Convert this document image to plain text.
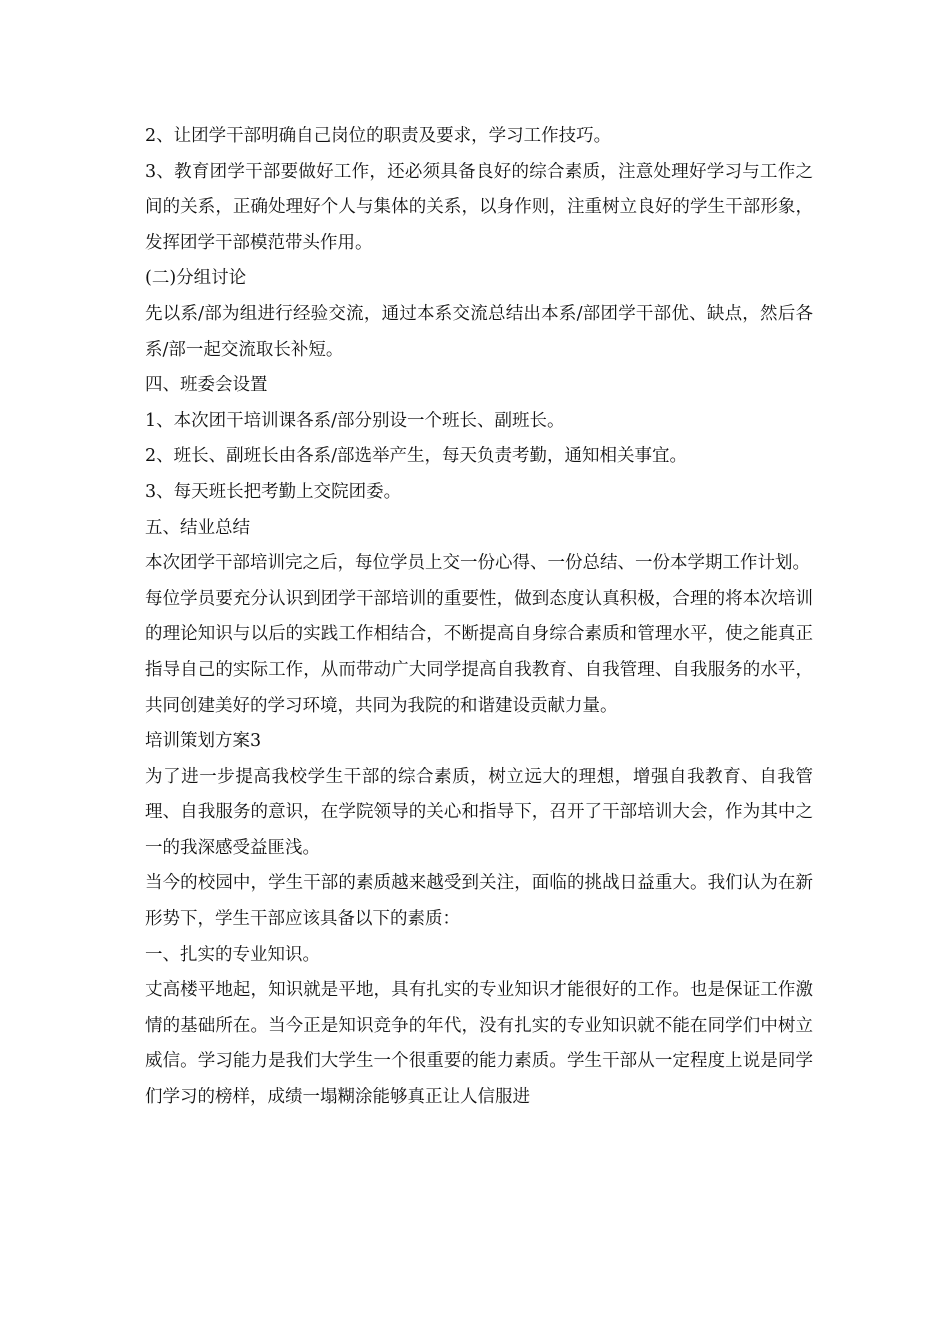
2、让团学干部明确自己岗位的职责及要求，学习工作技巧。

3、教育团学干部要做好工作，还必须具备良好的综合素质，注意处理好学习与工作之间的关系，正确处理好个人与集体的关系，以身作则，注重树立良好的学生干部形象，发挥团学干部模范带头作用。

(二)分组讨论

先以系/部为组进行经验交流，通过本系交流总结出本系/部团学干部优、缺点，然后各系/部一起交流取长补短。

四、班委会设置

1、本次团干培训课各系/部分别设一个班长、副班长。

2、班长、副班长由各系/部选举产生，每天负责考勤，通知相关事宜。

3、每天班长把考勤上交院团委。

五、结业总结

本次团学干部培训完之后，每位学员上交一份心得、一份总结、一份本学期工作计划。

每位学员要充分认识到团学干部培训的重要性，做到态度认真积极，合理的将本次培训的理论知识与以后的实践工作相结合，不断提高自身综合素质和管理水平，使之能真正指导自己的实际工作，从而带动广大同学提高自我教育、自我管理、自我服务的水平，共同创建美好的学习环境，共同为我院的和谐建设贡献力量。

培训策划方案3

为了进一步提高我校学生干部的综合素质，树立远大的理想，增强自我教育、自我管理、自我服务的意识，在学院领导的关心和指导下，召开了干部培训大会，作为其中之一的我深感受益匪浅。

当今的校园中，学生干部的素质越来越受到关注，面临的挑战日益重大。我们认为在新形势下，学生干部应该具备以下的素质：

一、扎实的专业知识。

丈高楼平地起，知识就是平地，具有扎实的专业知识才能很好的工作。也是保证工作激情的基础所在。当今正是知识竞争的年代，没有扎实的专业知识就不能在同学们中树立威信。学习能力是我们大学生一个很重要的能力素质。学生干部从一定程度上说是同学们学习的榜样，成绩一塌糊涂能够真正让人信服进
